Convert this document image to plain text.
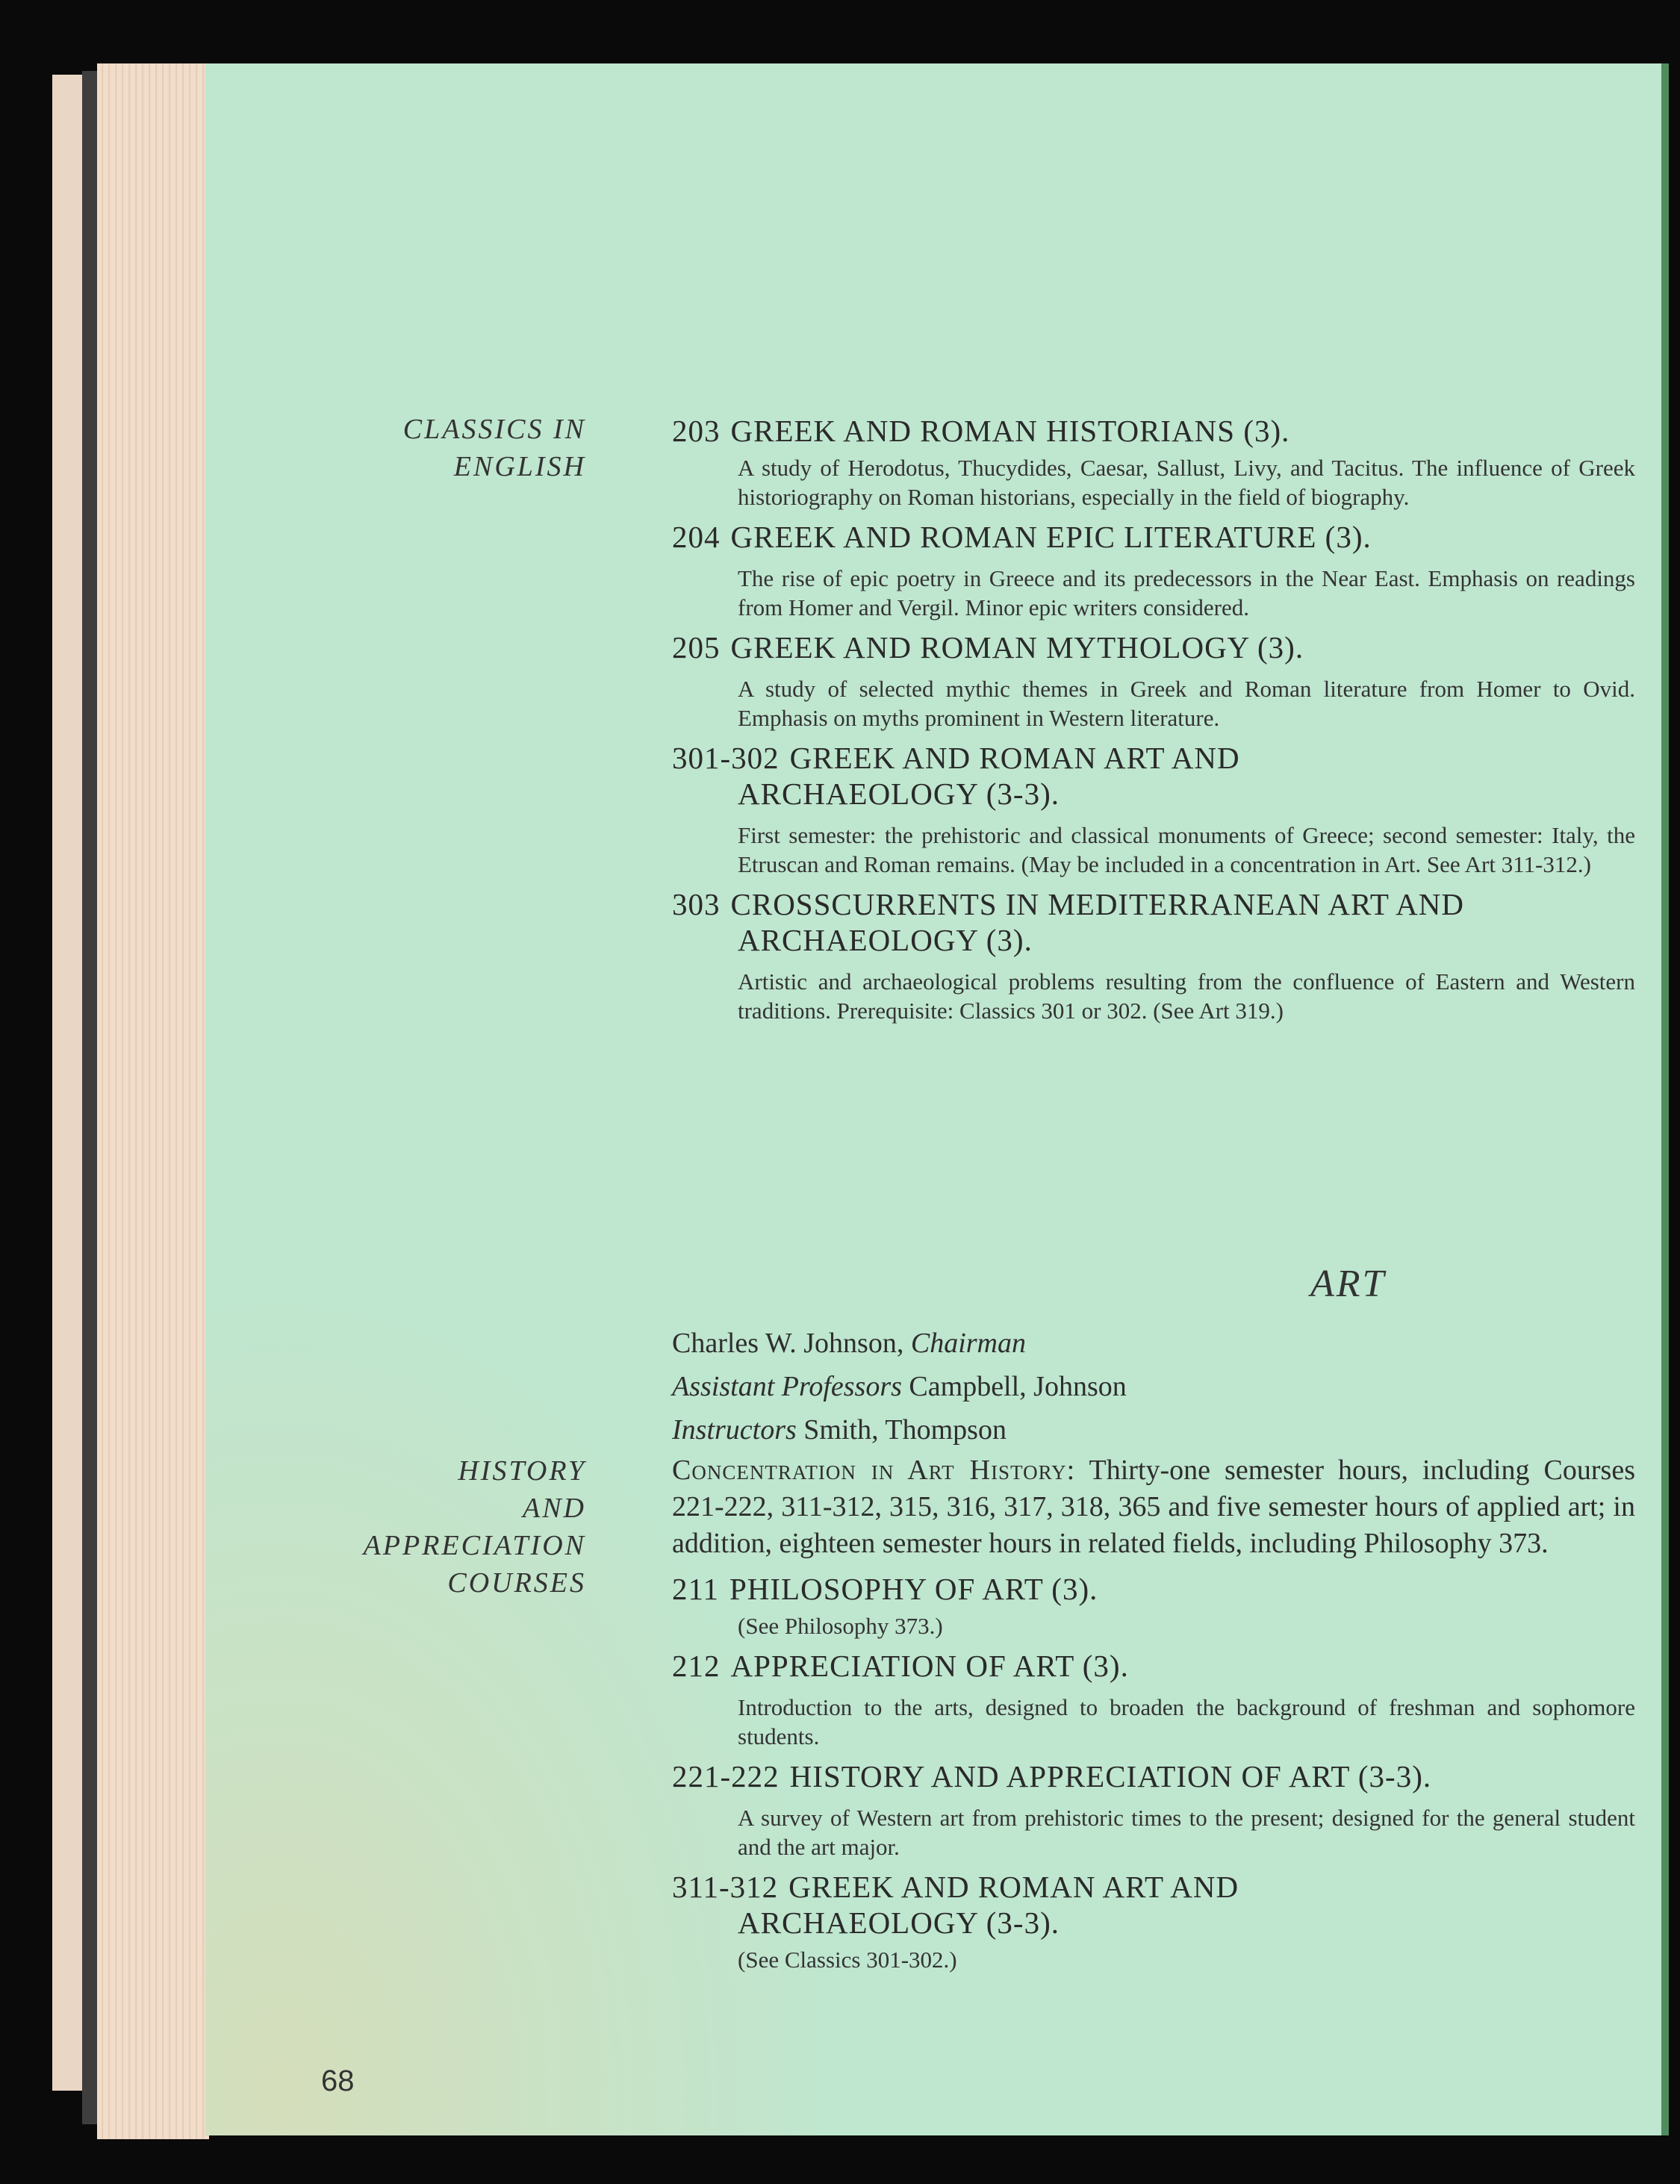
CLASSICS IN
ENGLISH
203 GREEK AND ROMAN HISTORIANS (3).
A study of Herodotus, Thucydides, Caesar, Sallust, Livy, and Tacitus. The influence of Greek historiography on Roman historians, especially in the field of biography.
204 GREEK AND ROMAN EPIC LITERATURE (3).
The rise of epic poetry in Greece and its predecessors in the Near East. Emphasis on readings from Homer and Vergil. Minor epic writers considered.
205 GREEK AND ROMAN MYTHOLOGY (3).
A study of selected mythic themes in Greek and Roman literature from Homer to Ovid. Emphasis on myths prominent in Western literature.
301-302 GREEK AND ROMAN ART AND
ARCHAEOLOGY (3-3).
First semester: the prehistoric and classical monuments of Greece; second semester: Italy, the Etruscan and Roman remains. (May be included in a concentration in Art. See Art 311-312.)
303 CROSSCURRENTS IN MEDITERRANEAN ART AND
ARCHAEOLOGY (3).
Artistic and archaeological problems resulting from the confluence of Eastern and Western traditions. Prerequisite: Classics 301 or 302. (See Art 319.)
ART
Charles W. Johnson, Chairman
Assistant Professors Campbell, Johnson
Instructors Smith, Thompson
HISTORY
AND
APPRECIATION
COURSES
Concentration in Art History: Thirty-one semester hours, including Courses 221-222, 311-312, 315, 316, 317, 318, 365 and five semester hours of applied art; in addition, eighteen semester hours in related fields, including Philosophy 373.
211 PHILOSOPHY OF ART (3).
(See Philosophy 373.)
212 APPRECIATION OF ART (3).
Introduction to the arts, designed to broaden the background of freshman and sophomore students.
221-222 HISTORY AND APPRECIATION OF ART (3-3).
A survey of Western art from prehistoric times to the present; designed for the general student and the art major.
311-312 GREEK AND ROMAN ART AND
ARCHAEOLOGY (3-3).
(See Classics 301-302.)
68
